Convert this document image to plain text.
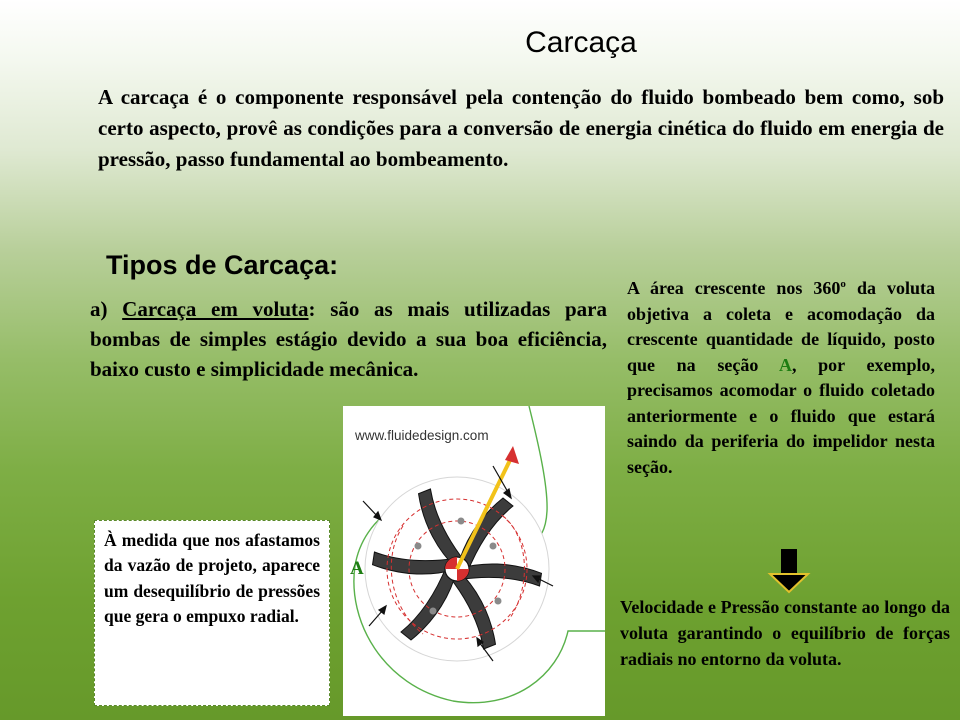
Carcaça
A carcaça é o componente responsável pela contenção do fluido bombeado bem como, sob certo aspecto, provê as condições para a conversão de energia cinética do fluido em energia de pressão, passo fundamental ao bombeamento.
Tipos de Carcaça:
a) Carcaça em voluta: são as mais utilizadas para bombas de simples estágio devido a sua boa eficiência, baixo custo e simplicidade mecânica.
A área crescente nos 360$^o$ da voluta objetiva a coleta e acomodação da crescente quantidade de líquido, posto que na seção A, por exemplo, precisamos acomodar o fluido coletado anteriormente e o fluido que estará saindo da periferia do impelidor nesta seção.
À medida que nos afastamos da vazão de projeto, aparece um desequilíbrio de pressões que gera o empuxo radial.	Velocidade e Pressão constante ao longo da voluta garantindo o equilíbrio de forças radiais no entorno da voluta.
www.fluidedesign.com
A
